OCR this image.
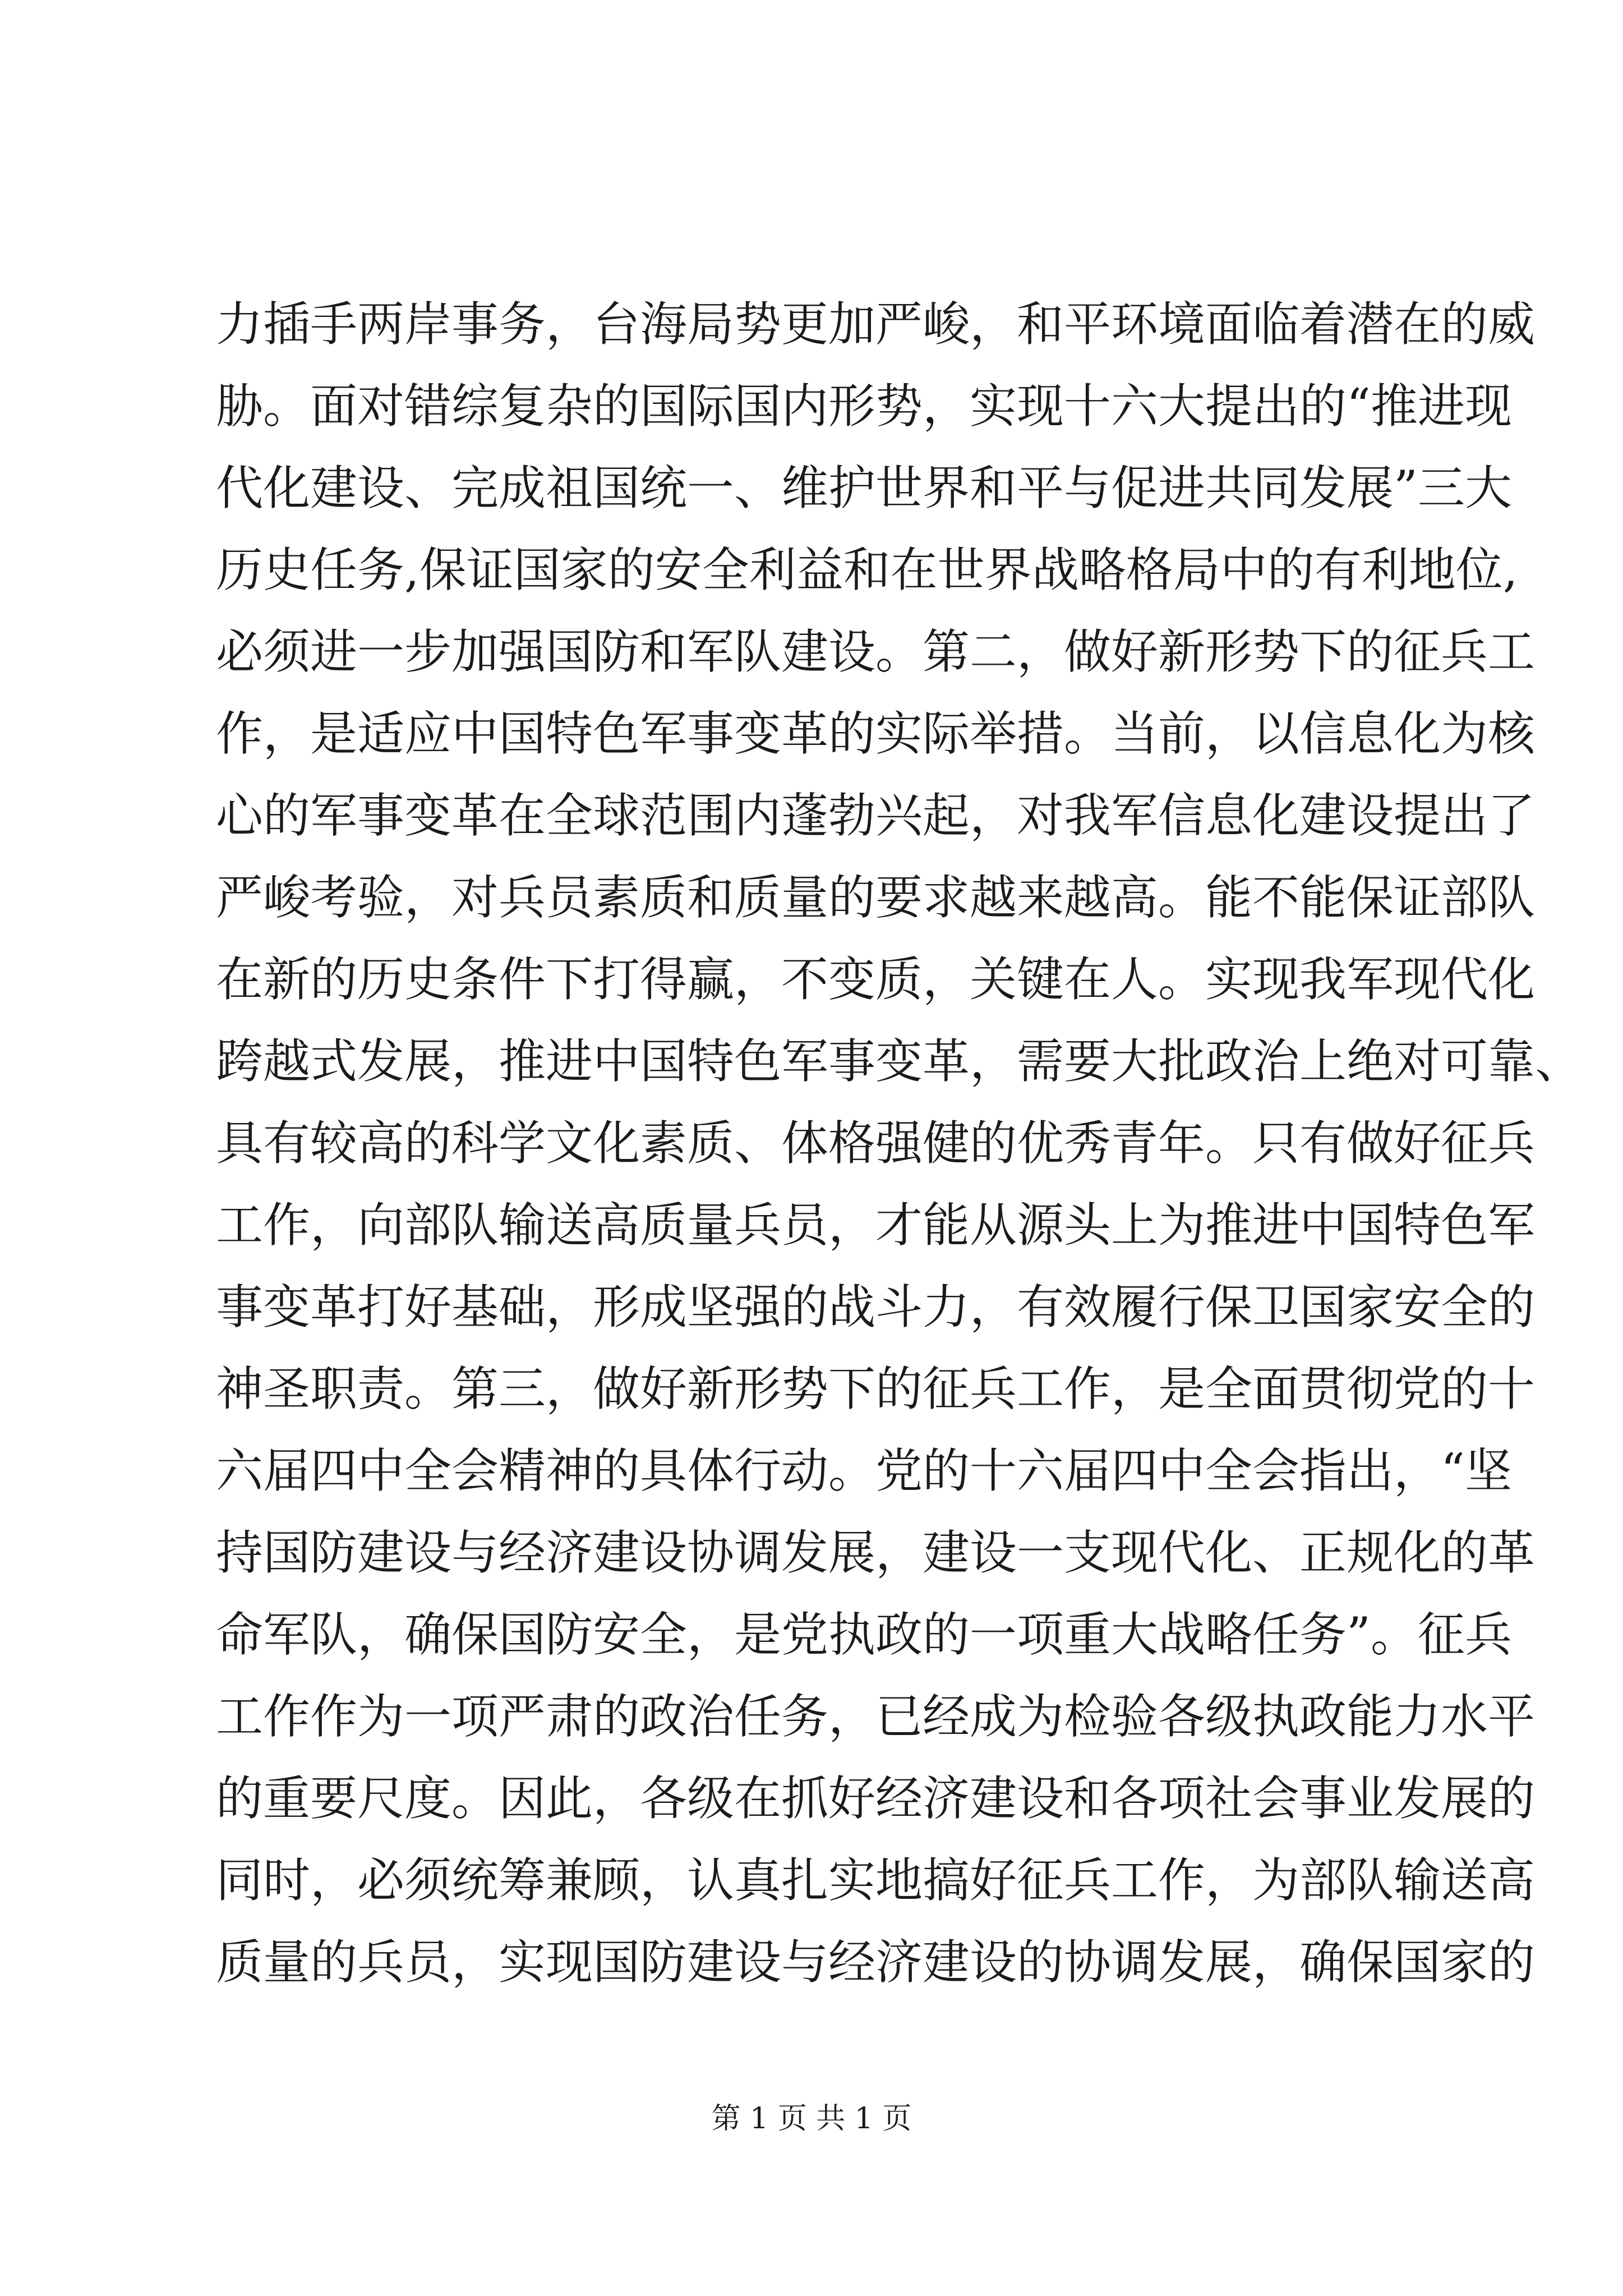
力插手两岸事务，台海局势更加严峻，和平环境面临着潜在的威
胁。面对错综复杂的国际国内形势，实现十六大提出的“推进现
代化建设、完成祖国统一、维护世界和平与促进共同发展”三大
历史任务,保证国家的安全利益和在世界战略格局中的有利地位,
必须进一步加强国防和军队建设。第二，做好新形势下的征兵工
作，是适应中国特色军事变革的实际举措。当前，以信息化为核
心的军事变革在全球范围内蓬勃兴起，对我军信息化建设提出了
严峻考验，对兵员素质和质量的要求越来越高。能不能保证部队
在新的历史条件下打得赢，不变质，关键在人。实现我军现代化
跨越式发展，推进中国特色军事变革，需要大批政治上绝对可靠、
具有较高的科学文化素质、体格强健的优秀青年。只有做好征兵
工作，向部队输送高质量兵员，才能从源头上为推进中国特色军
事变革打好基础，形成坚强的战斗力，有效履行保卫国家安全的
神圣职责。第三，做好新形势下的征兵工作，是全面贯彻党的十
六届四中全会精神的具体行动。党的十六届四中全会指出，“坚
持国防建设与经济建设协调发展，建设一支现代化、正规化的革
命军队，确保国防安全，是党执政的一项重大战略任务”。征兵
工作作为一项严肃的政治任务，已经成为检验各级执政能力水平
的重要尺度。因此，各级在抓好经济建设和各项社会事业发展的
同时，必须统筹兼顾，认真扎实地搞好征兵工作，为部队输送高
质量的兵员，实现国防建设与经济建设的协调发展，确保国家的
第 1 页 共 1 页
